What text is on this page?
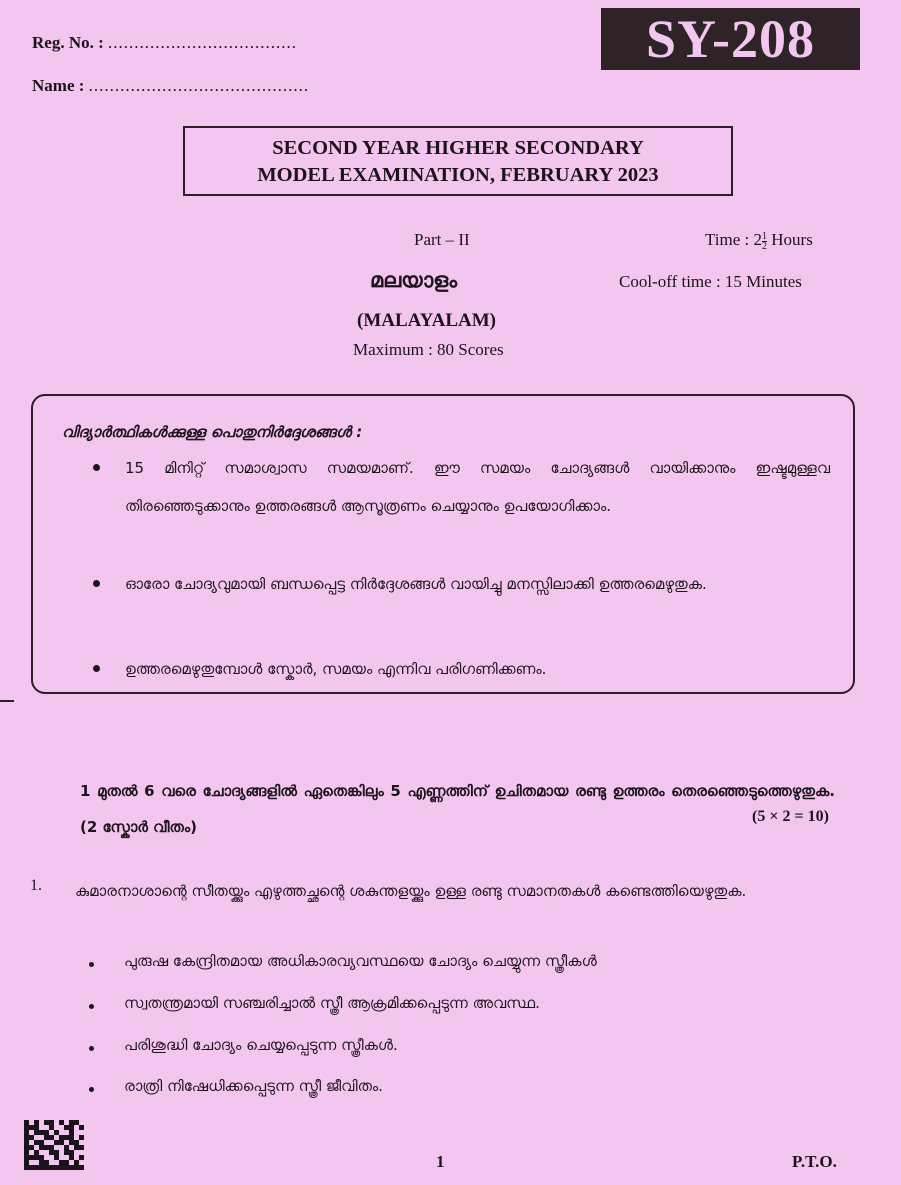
Reg. No. : ....................................
Name : ..........................................
SY-208
SECOND YEAR HIGHER SECONDARY
MODEL EXAMINATION, FEBRUARY 2023
Part – II	Time : $2 \frac{1}{2}$ Hours
മലയാളം	Cool-off time : 15 Minutes
(MALAYALAM)
Maximum : 80 Scores
വിദ്യാർത്ഥികൾക്കുള്ള പൊതുനിർദ്ദേശങ്ങൾ :
15 മിനിറ്റ് സമാശ്വാസ സമയമാണ്. ഈ സമയം ചോദ്യങ്ങൾ വായിക്കാനും ഇഷ്ടമുള്ളവ തിരഞ്ഞെടുക്കാനും ഉത്തരങ്ങൾ ആസൂത്രണം ചെയ്യാനും ഉപയോഗിക്കാം.
ഓരോ ചോദ്യവുമായി ബന്ധപ്പെട്ട നിർദ്ദേശങ്ങൾ വായിച്ചു മനസ്സിലാക്കി ഉത്തരമെഴുതുക.
ഉത്തരമെഴുതുമ്പോൾ സ്കോർ, സമയം എന്നിവ പരിഗണിക്കണം.
1 മുതൽ 6 വരെ ചോദ്യങ്ങളിൽ ഏതെങ്കിലും 5 എണ്ണത്തിന് ഉചിതമായ രണ്ടു ഉത്തരം തെരഞ്ഞെടുത്തെഴുതുക. (2 സ്കോർ വീതം)
(5 × 2 = 10)
1. കുമാരനാശാന്റെ സീതയ്ക്കും എഴുത്തച്ഛന്റെ ശകുന്തളയ്ക്കും ഉള്ള രണ്ടു സമാനതകൾ കണ്ടെത്തിയെഴുതുക.
പുരുഷ കേന്ദ്രിതമായ അധികാരവ്യവസ്ഥയെ ചോദ്യം ചെയ്യുന്ന സ്ത്രീകൾ
സ്വതന്ത്രമായി സഞ്ചരിച്ചാൽ സ്ത്രീ ആക്രമിക്കപ്പെടുന്ന അവസ്ഥ.
പരിശുദ്ധി ചോദ്യം ചെയ്യപ്പെടുന്ന സ്ത്രീകൾ.
രാത്രി നിഷേധിക്കപ്പെടുന്ന സ്ത്രീ ജീവിതം.
1	P.T.O.
